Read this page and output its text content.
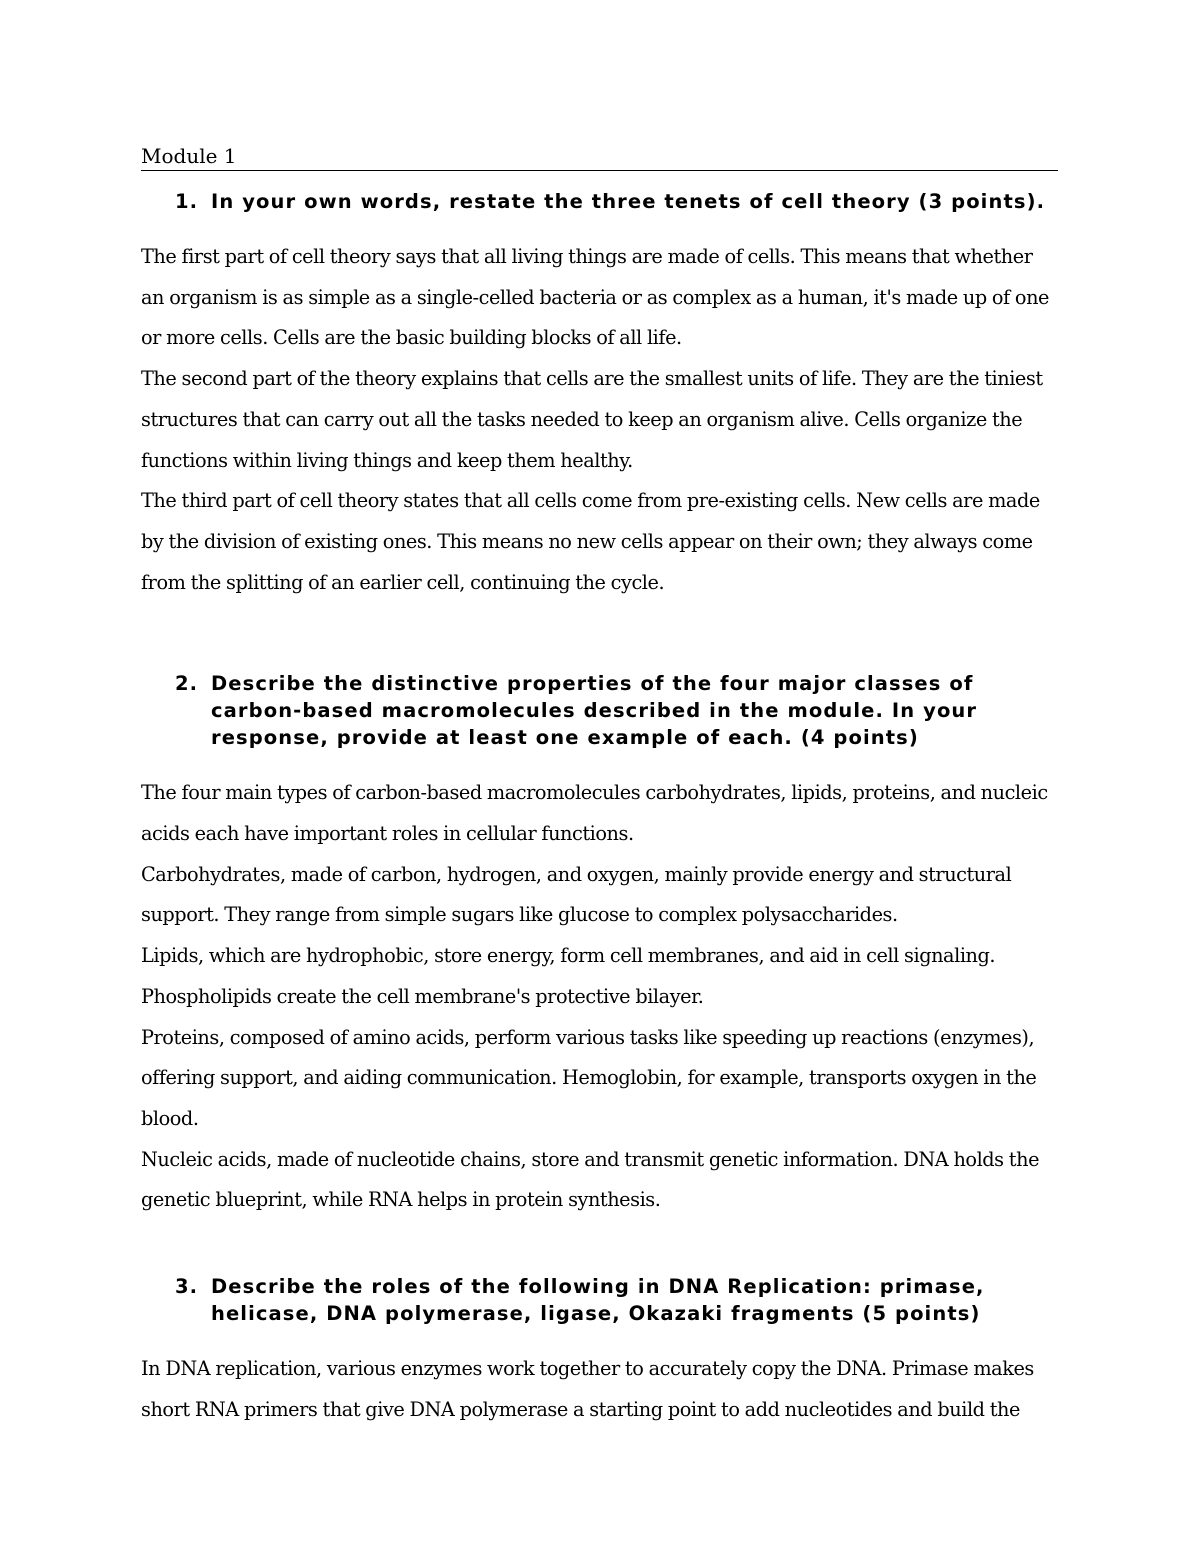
Module 1
1. In your own words, restate the three tenets of cell theory (3 points).

The first part of cell theory says that all living things are made of cells. This means that whether an organism is as simple as a single-celled bacteria or as complex as a human, it's made up of one or more cells. Cells are the basic building blocks of all life.

The second part of the theory explains that cells are the smallest units of life. They are the tiniest structures that can carry out all the tasks needed to keep an organism alive. Cells organize the functions within living things and keep them healthy.

The third part of cell theory states that all cells come from pre-existing cells. New cells are made by the division of existing ones. This means no new cells appear on their own; they always come from the splitting of an earlier cell, continuing the cycle.

2. Describe the distinctive properties of the four major classes of carbon-based macromolecules described in the module. In your response, provide at least one example of each. (4 points)

The four main types of carbon-based macromolecules carbohydrates, lipids, proteins, and nucleic acids each have important roles in cellular functions.

Carbohydrates, made of carbon, hydrogen, and oxygen, mainly provide energy and structural support. They range from simple sugars like glucose to complex polysaccharides.

Lipids, which are hydrophobic, store energy, form cell membranes, and aid in cell signaling. Phospholipids create the cell membrane's protective bilayer.

Proteins, composed of amino acids, perform various tasks like speeding up reactions (enzymes), offering support, and aiding communication. Hemoglobin, for example, transports oxygen in the blood.

Nucleic acids, made of nucleotide chains, store and transmit genetic information. DNA holds the genetic blueprint, while RNA helps in protein synthesis.

3. Describe the roles of the following in DNA Replication: primase, helicase, DNA polymerase, ligase, Okazaki fragments (5 points)

In DNA replication, various enzymes work together to accurately copy the DNA. Primase makes short RNA primers that give DNA polymerase a starting point to add nucleotides and build the
